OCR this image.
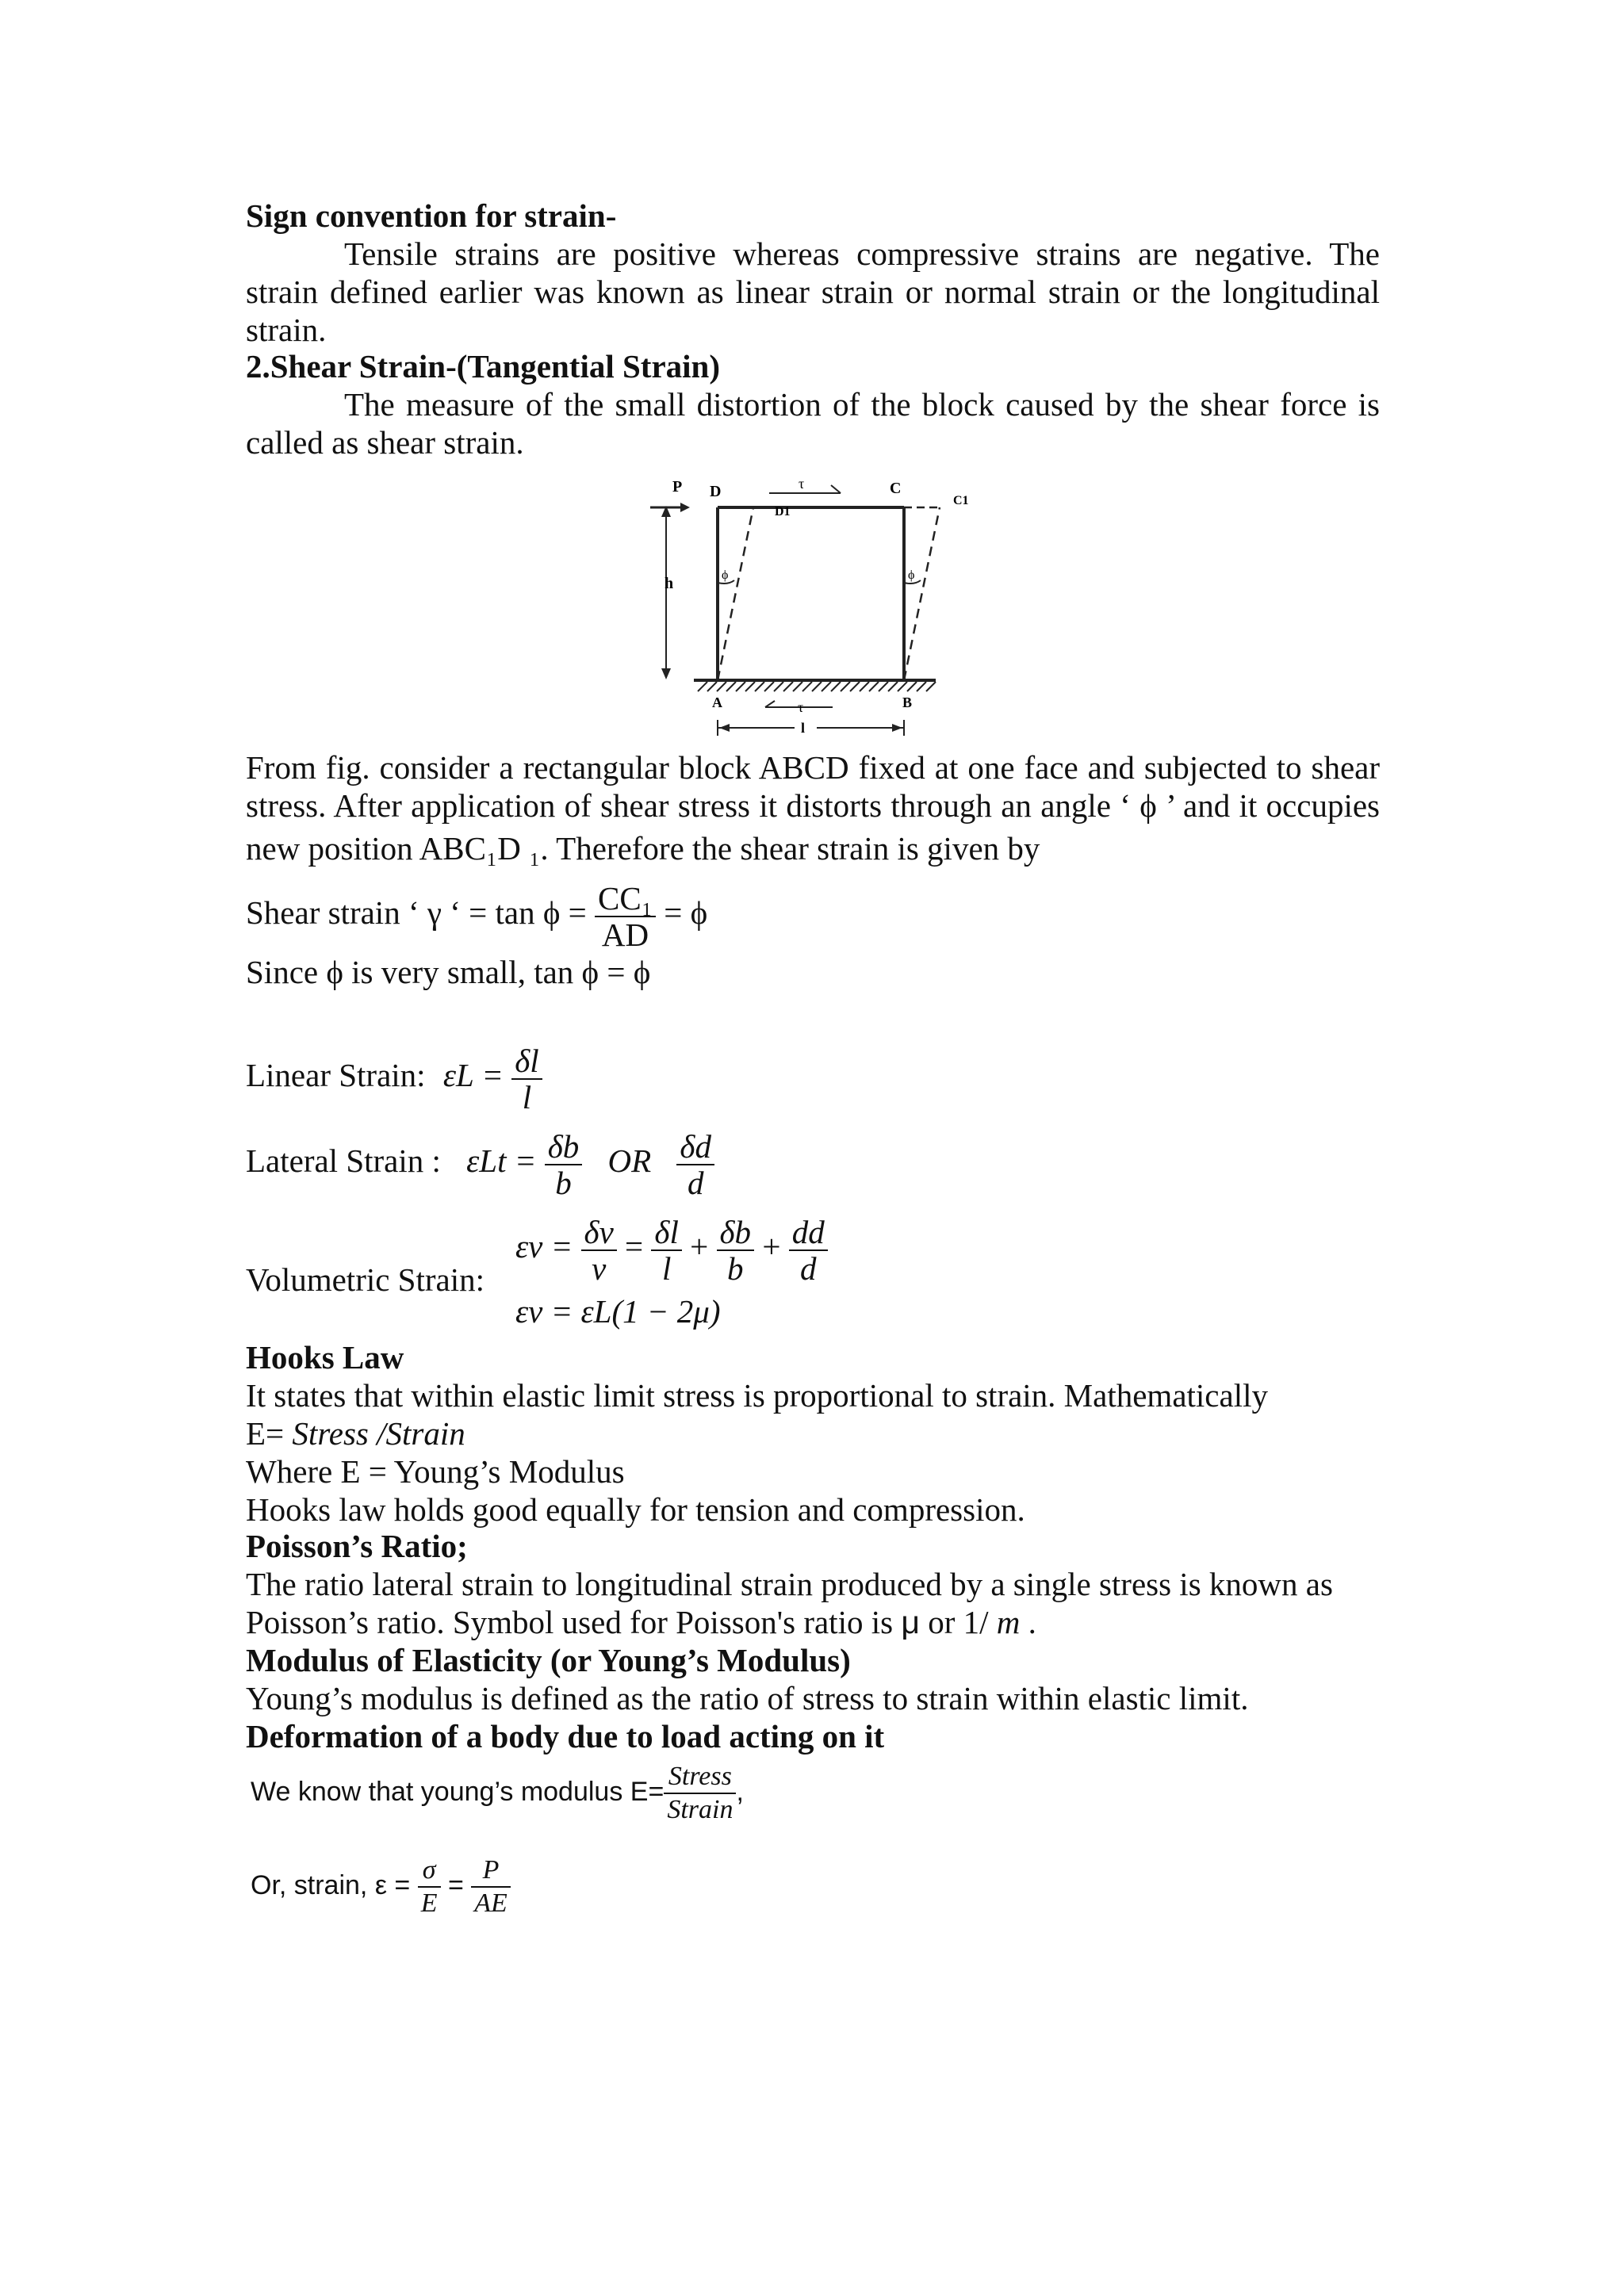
Sign convention for strain-
Tensile strains are positive whereas compressive strains are negative. The
strain defined earlier was known as linear strain or normal strain or the longitudinal
strain.
2.Shear Strain-(Tangential Strain)
The measure of the small distortion of the block caused by the shear force is
called as shear strain.
P D
D1
τ	C
C1
h	ϕ	ϕ
A	τ	B
l
From fig. consider a rectangular block ABCD fixed at one face and subjected to shear
stress. After application of shear stress it distorts through an angle ‘ ϕ ’ and it occupies
new position ABC₁D ₁. Therefore the shear strain is given by
Shear strain ‘ γ ‘ = $\tan \phi = \frac{\text{CC₁}}{AD} = \phi$
Since ϕ is very small, tan ϕ = ϕ
Linear Strain: $\varepsilon L = \frac{\delta l}{l}$
Lateral Strain : $\varepsilon Lt = \frac{\delta b}{b}$ OR $\frac{\delta d}{d}$
Volumetric Strain:
$\varepsilon v = \frac{\delta v}{v} = \frac{\delta l}{l} + \frac{\delta b}{b} + \frac{dd}{d}$
εv = εL(1 − 2μ)
Hooks Law
It states that within elastic limit stress is proportional to strain. Mathematically
E= Stress /Strain
Where E = Young’s Modulus
Hooks law holds good equally for tension and compression.
Poisson’s Ratio;
The ratio lateral strain to longitudinal strain produced by a single stress is known as
Poisson’s ratio. Symbol used for Poisson's ratio is μ or 1/ m .
Modulus of Elasticity (or Young’s Modulus)
Young’s modulus is defined as the ratio of stress to strain within elastic limit.
Deformation of a body due to load acting on it
We know that young’s modulus $E= \frac{\text{Stress}}{\text{Strain}}$ ,
Or, strain, $\varepsilon = \frac{\sigma}{E} = \frac{P}{AE}$
